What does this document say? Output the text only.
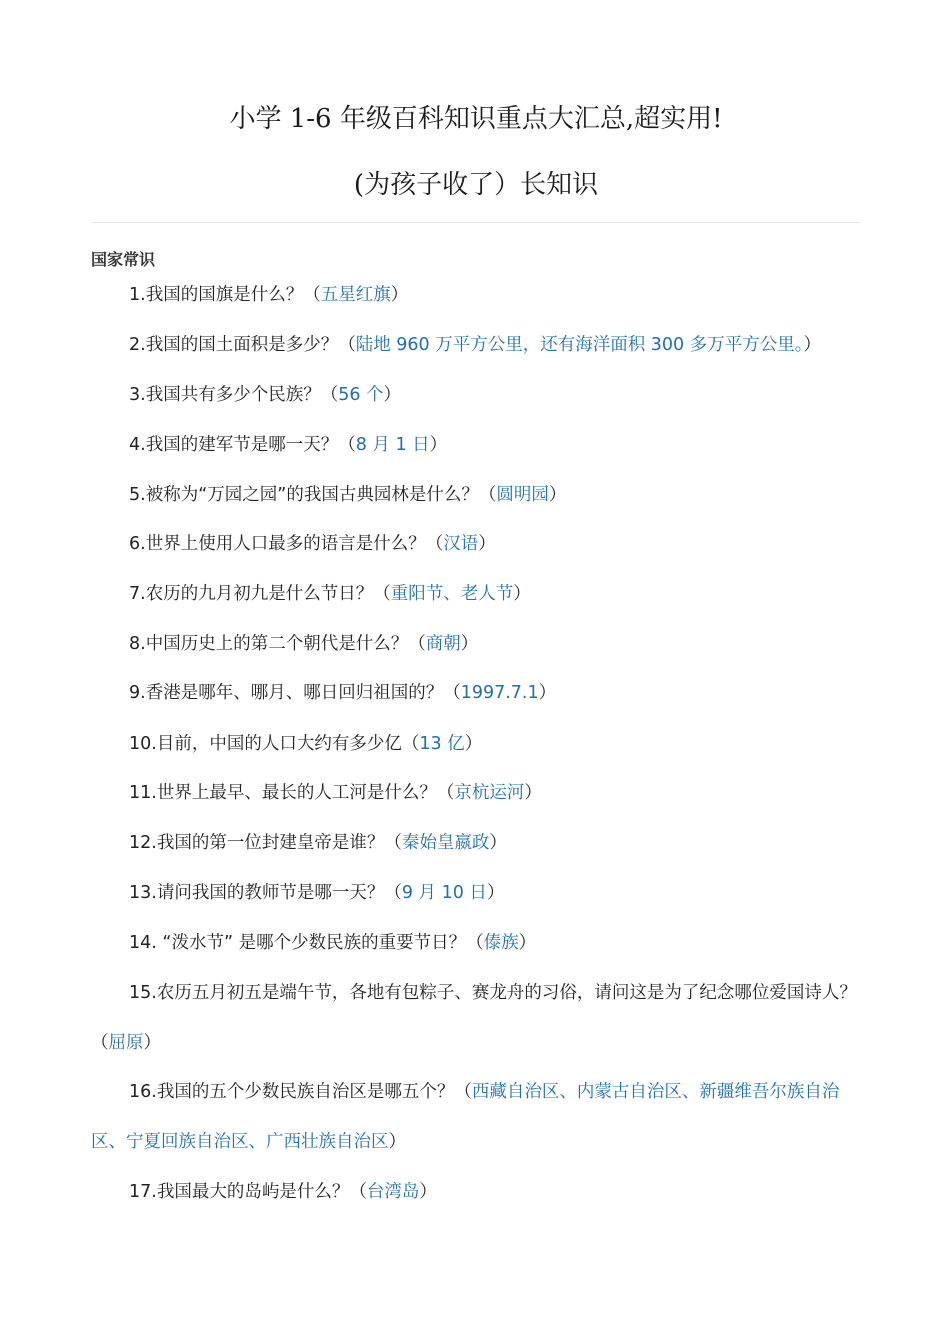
小学 1-6 年级百科知识重点大汇总,超实用!
(为孩子收了）长知识
国家常识
1.我国的国旗是什么？（五星红旗）
2.我国的国土面积是多少？（陆地 960 万平方公里，还有海洋面积 300 多万平方公里。）
3.我国共有多少个民族？（56 个）
4.我国的建军节是哪一天？（8 月 1 日）
5.被称为“万园之园”的我国古典园林是什么？（圆明园）
6.世界上使用人口最多的语言是什么？（汉语）
7.农历的九月初九是什么节日？（重阳节、老人节）
8.中国历史上的第二个朝代是什么？（商朝）
9.香港是哪年、哪月、哪日回归祖国的？（1997.7.1）
10.目前，中国的人口大约有多少亿（13 亿）
11.世界上最早、最长的人工河是什么？（京杭运河）
12.我国的第一位封建皇帝是谁？（秦始皇嬴政）
13.请问我国的教师节是哪一天？（9 月 10 日）
14. “泼水节” 是哪个少数民族的重要节日？（傣族）
15.农历五月初五是端午节，各地有包粽子、赛龙舟的习俗，请问这是为了纪念哪位爱国诗人？（屈原）
16.我国的五个少数民族自治区是哪五个？（西藏自治区、内蒙古自治区、新疆维吾尔族自治区、宁夏回族自治区、广西壮族自治区）
17.我国最大的岛屿是什么？（台湾岛）
